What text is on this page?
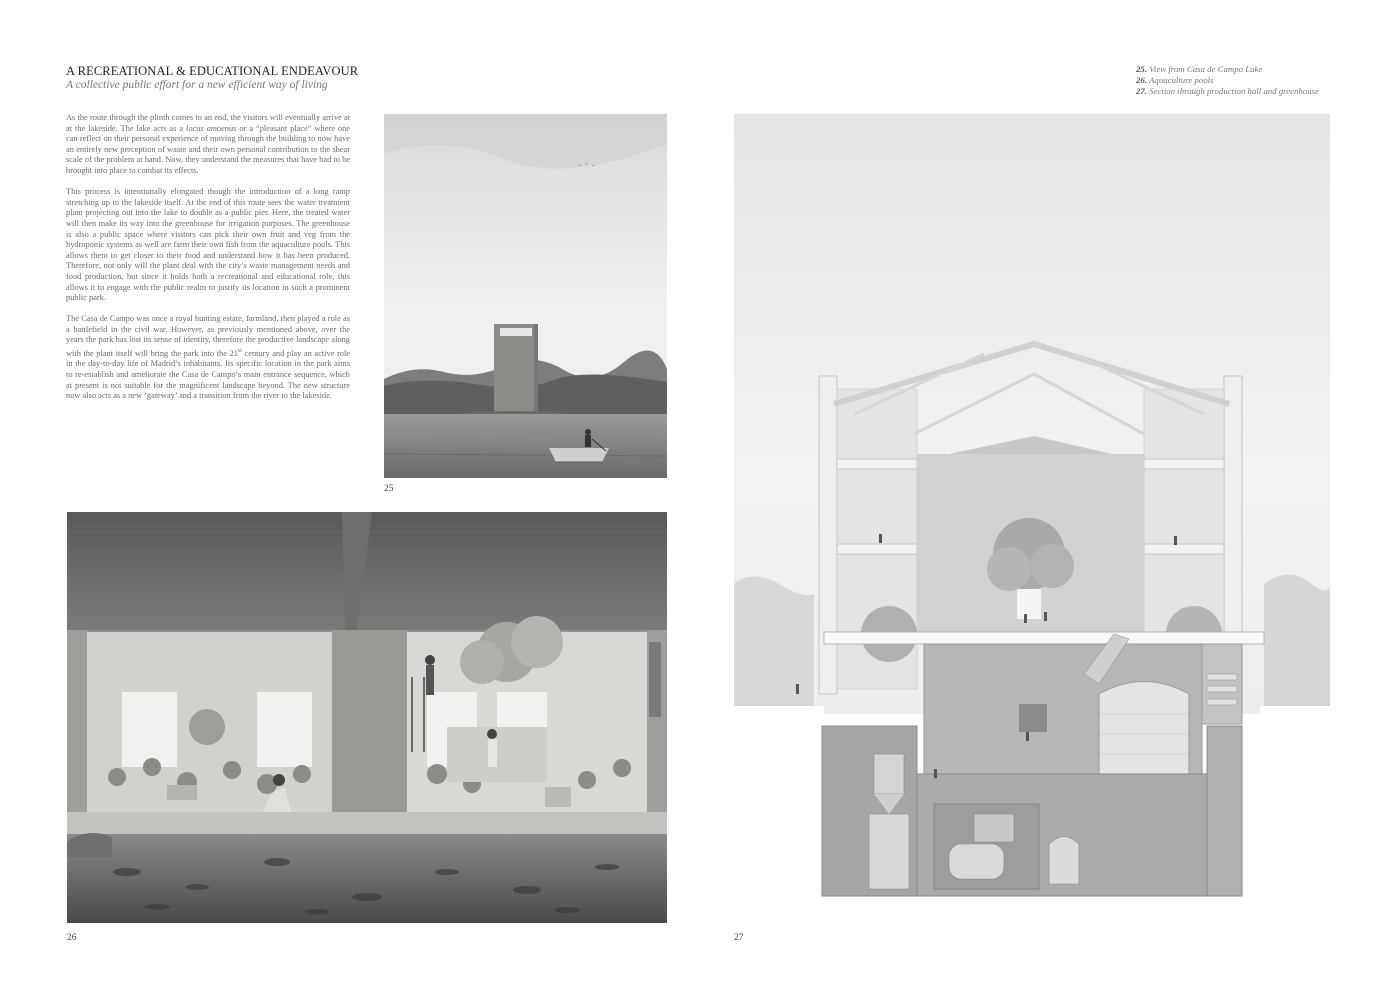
A RECREATIONAL & EDUCATIONAL ENDEAVOUR
A collective public effort for a new efficient way of living

As the route through the plinth comes to an end, the visitors will eventually arrive at at the lakeside. The lake acts as a locus amoenus or a “pleasant place” where one can reflect on their personal experience of moving through the building to now have an entirely new perception of waste and their own personal contribution to the shear scale of the problem at hand. Now, they understand the measures that have had to be brought into place to combat its effects.

This process is intentionally elongated though the introduction of a long ramp stretching up to the lakeside itself. At the end of this route sees the water treatment plant projecting out into the lake to double as a public pier. Here, the treated water will then make its way into the greenhouse for irrigation purposes. The greenhouse is also a public space where visitors can pick their own fruit and veg from the hydroponic systems as well are farm their own fish from the aquaculture pools. This allows them to get closer to their food and understand how it has been produced. Therefore, not only will the plant deal with the city’s waste management needs and food production, but since it holds both a recreational and educational role, this allows it to engage with the public realm to justify its location in such a prominent public park.

The Casa de Campo was once a royal hunting estate, farmland, then played a role as a battlefield in the civil war. However, as previously mentioned above, over the years the park has lost its sense of identity, therefore the productive landscape along with the plant itself will bring the park into the 21st century and play an active role in the day-to-day life of Madrid’s inhabitants. Its specific location in the park aims to re-establish and ameliorate the Casa de Campo’s main entrance sequence, which at present is not suitable for the magnificent landscape beyond. The new structure now also acts as a new ‘gateway’ and a transition from the river to the lakeside.

25. View from Casa de Campo Lake
26. Aquaculture pools
27. Section through production hall and greenhouse
25
26	27
